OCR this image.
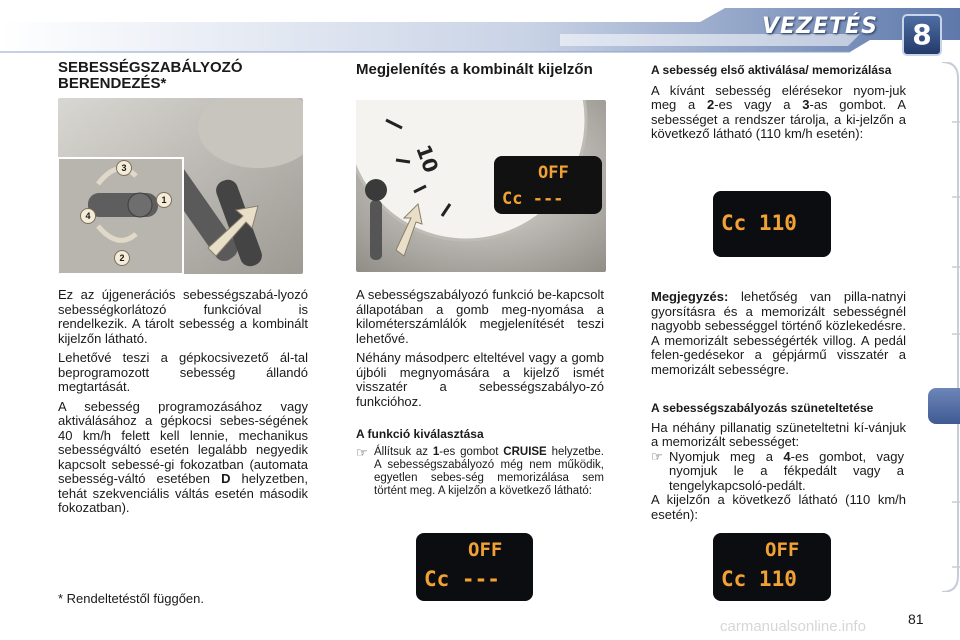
VEZETÉS	8
SEBESSÉGSZABÁLYOZÓ BERENDEZÉS*
3
1
4
2

Ez az újgenerációs sebességszabá-lyozó sebességkorlátozó funkcióval is rendelkezik. A tárolt sebesség a kombinált kijelzőn látható.

Lehetővé teszi a gépkocsivezető ál-tal beprogramozott sebesség állandó megtartását.

A sebesség programozásához vagy aktiválásához a gépkocsi sebes-ségének 40 km/h felett kell lennie, mechanikus sebességváltó esetén legalább negyedik kapcsolt sebessé-gi fokozatban (automata sebesség-váltó esetében D helyzetben, tehát szekvenciális váltás esetén második fokozatban).

* Rendeltetéstől függően.
Megjelenítés a kombinált kijelzőn
10	OFF
Cc ---

A sebességszabályozó funkció be-kapcsolt állapotában a gomb meg-nyomása a kilométerszámlálók megjelenítését teszi lehetővé.

Néhány másodperc elteltével vagy a gomb újbóli megnyomására a kijelző ismét visszatér a sebességszabályo-zó funkcióhoz.

A funkció kiválasztása
☞ Állítsuk az 1-es gombot CRUISE helyzetbe. A sebességszabályozó még nem működik, egyetlen sebes-ség memorizálása sem történt meg. A kijelzőn a következő látható:
OFF
Cc ---
A sebesség első aktiválása/ memorizálása

A kívánt sebesség elérésekor nyom-juk meg a 2-es vagy a 3-as gombot. A sebességet a rendszer tárolja, a ki-jelzőn a következő látható (110 km/h esetén):

Cc 110

Megjegyzés: lehetőség van pilla-natnyi gyorsításra és a memorizált sebességnél nagyobb sebességgel történő közlekedésre. A memorizált sebességérték villog. A pedál felen-gedésekor a gépjármű visszatér a memorizált sebességre.

A sebességszabályozás szüneteltetése

Ha néhány pillanatig szüneteltetni kí-vánjuk a memorizált sebességet:

☞ Nyomjuk meg a 4-es gombot, vagy nyomjuk le a fékpedált vagy a tengelykapcsoló-pedált.

A kijelzőn a következő látható (110 km/h esetén):

OFF
Cc 110
81
carmanualsonline.info
